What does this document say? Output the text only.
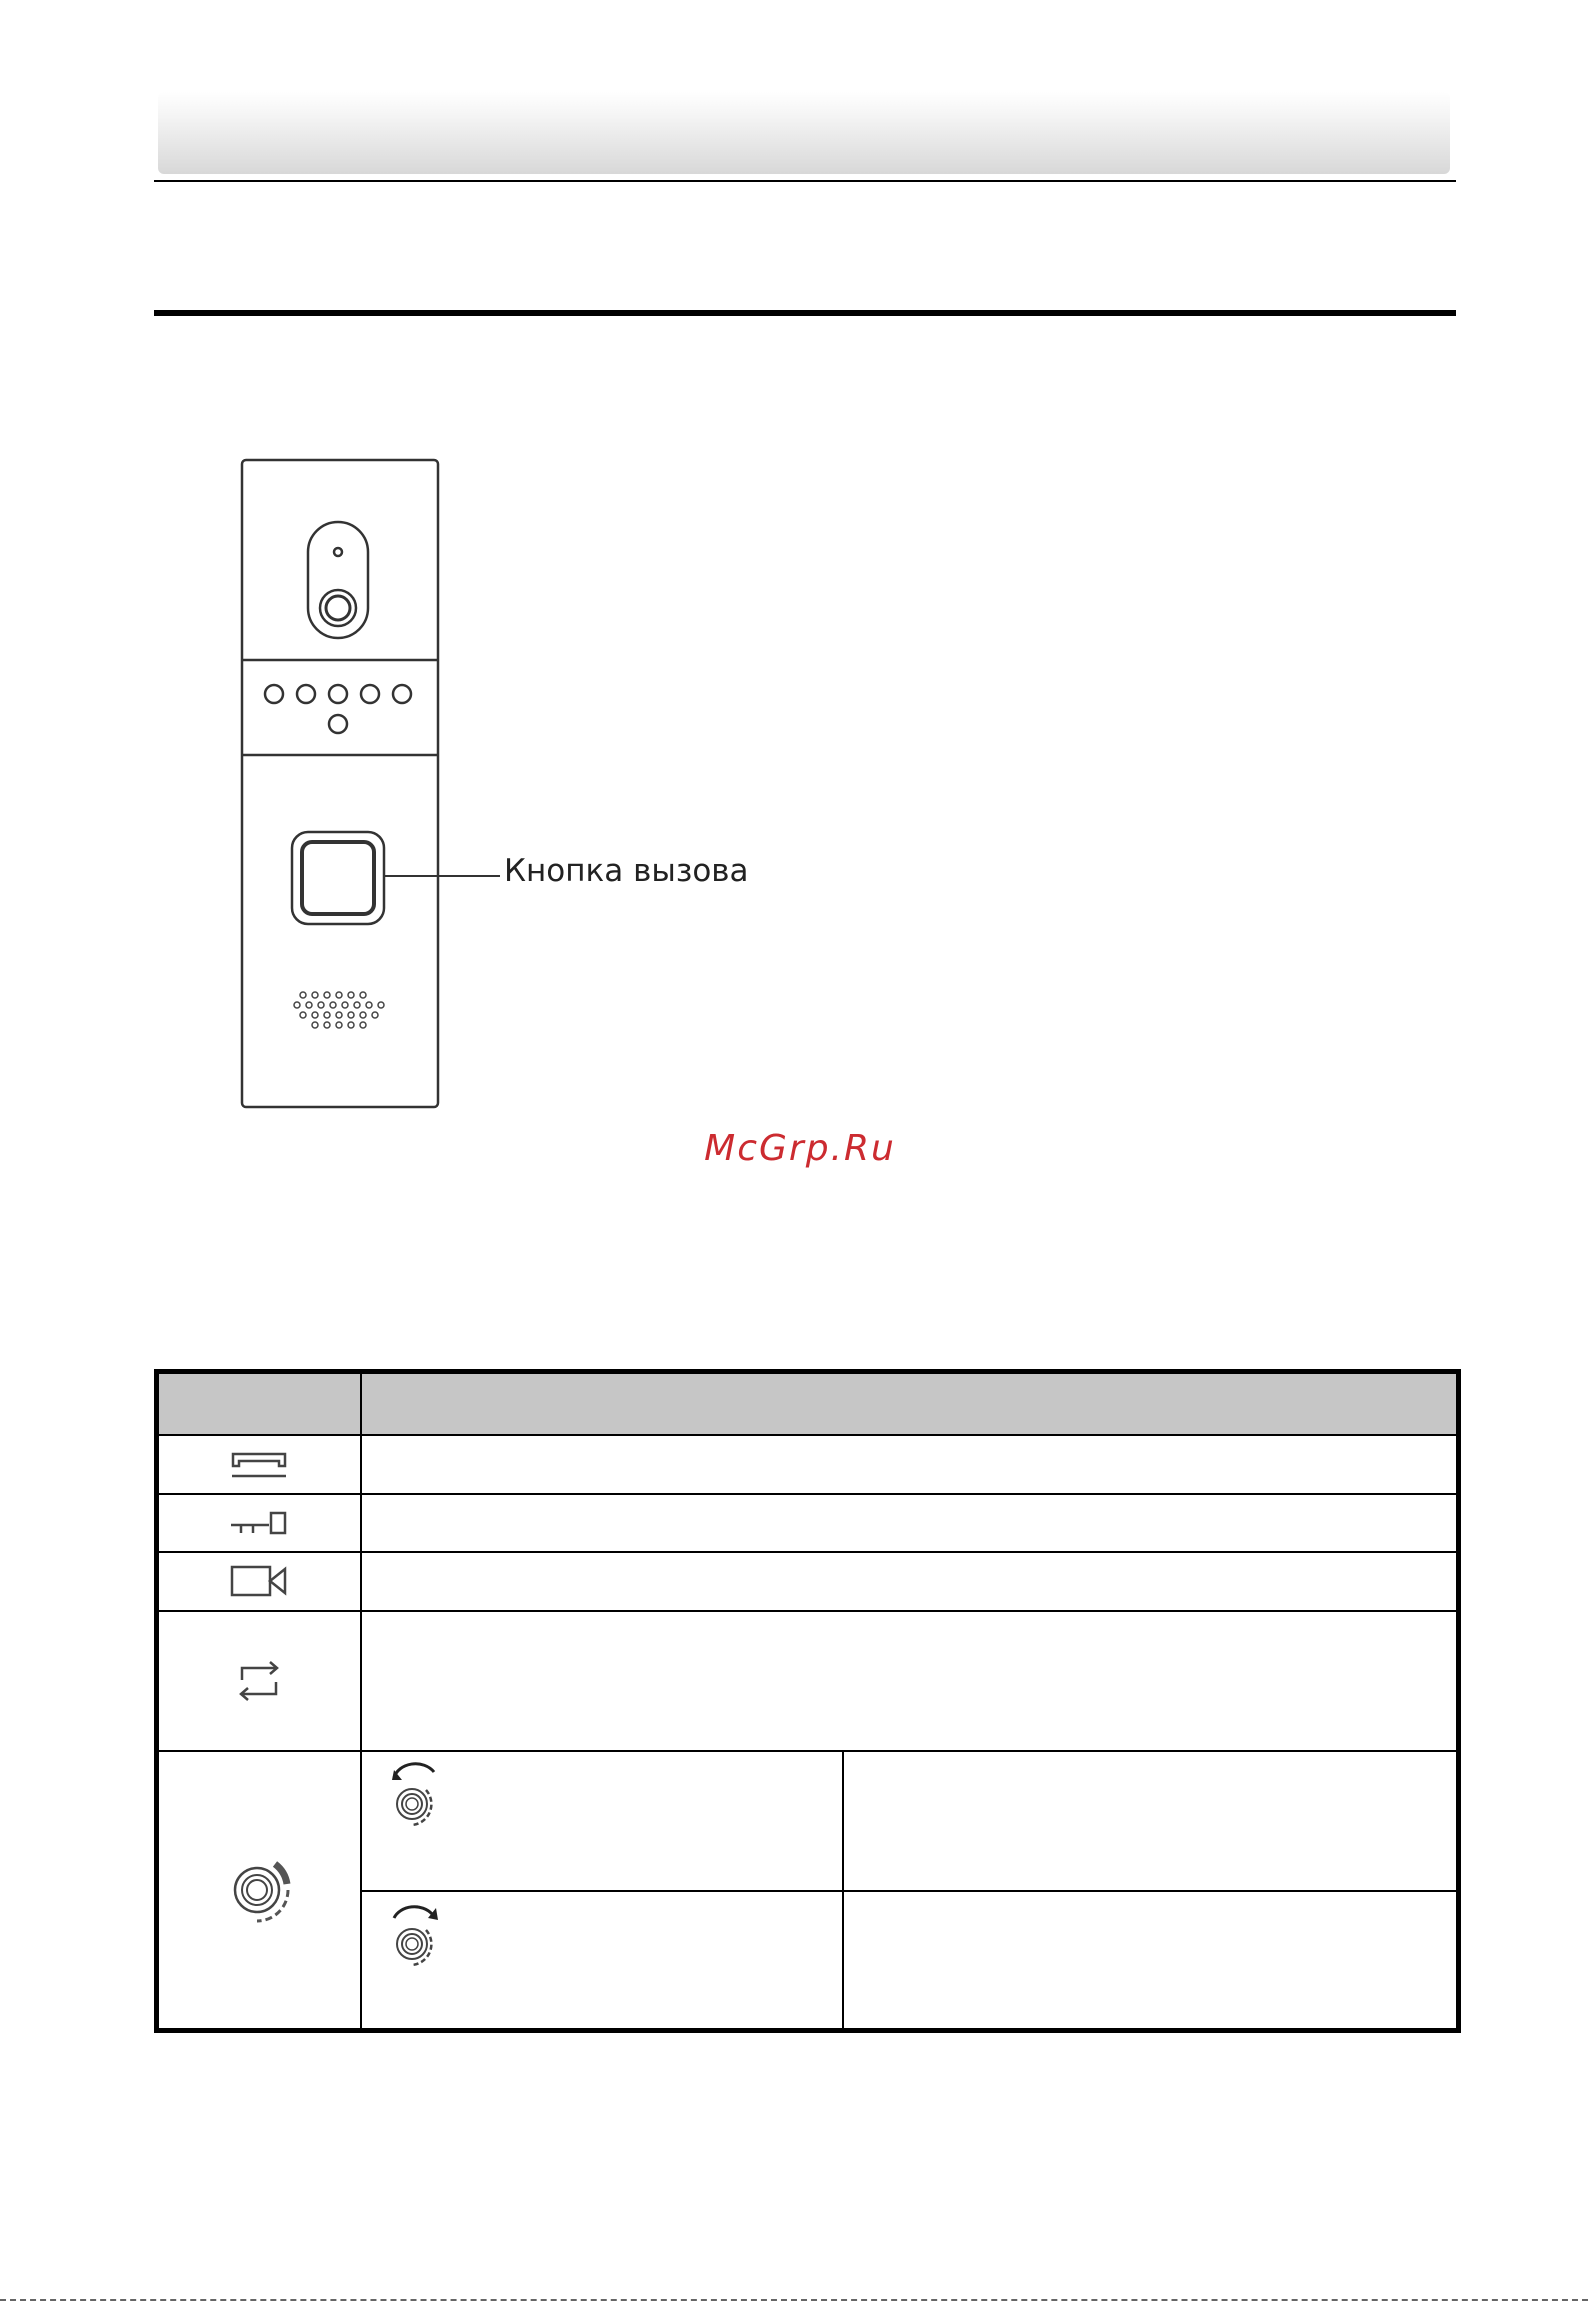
Кнопка вызова
McGrp.Ru
